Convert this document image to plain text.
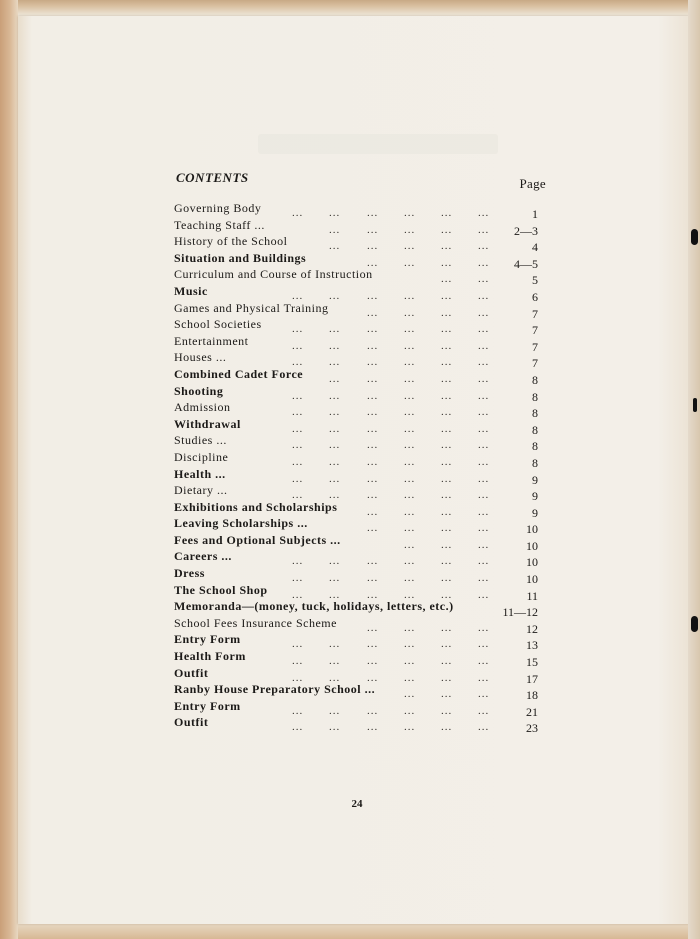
CONTENTS	Page
... ... ... ... ... ...
Governing Body	1
... ... ... ... ...
Teaching Staff ...	2—3
... ... ... ... ...
History of the School	4
... ... ... ...
Situation and Buildings	4—5
... ...
Curriculum and Course of Instruction	5
... ... ... ... ... ...
Music	6
... ... ... ...
Games and Physical Training	7
... ... ... ... ... ...
School Societies	7
... ... ... ... ... ...
Entertainment	7
... ... ... ... ... ...
Houses ...	7
... ... ... ... ...
Combined Cadet Force	8
... ... ... ... ... ...
Shooting	8
... ... ... ... ... ...
Admission	8
... ... ... ... ... ...
Withdrawal	8
... ... ... ... ... ...
Studies ...	8
... ... ... ... ... ...
Discipline	8
... ... ... ... ... ...
Health ...	9
... ... ... ... ... ...
Dietary ...	9
... ... ... ...
Exhibitions and Scholarships	9
... ... ... ...
Leaving Scholarships ...	10
... ... ...
Fees and Optional Subjects ...	10
... ... ... ... ... ...
Careers ...	10
... ... ... ... ... ...
Dress	10
... ... ... ... ... ...
The School Shop	11
Memoranda—(money, tuck, holidays, letters, etc.)	11—12
... ... ... ...
School Fees Insurance Scheme	12
... ... ... ... ... ...
Entry Form	13
... ... ... ... ... ...
Health Form	15
... ... ... ... ... ...
Outfit	17
... ... ...
Ranby House Preparatory School ...	18
... ... ... ... ... ...
Entry Form	21
... ... ... ... ... ...
Outfit	23
24
